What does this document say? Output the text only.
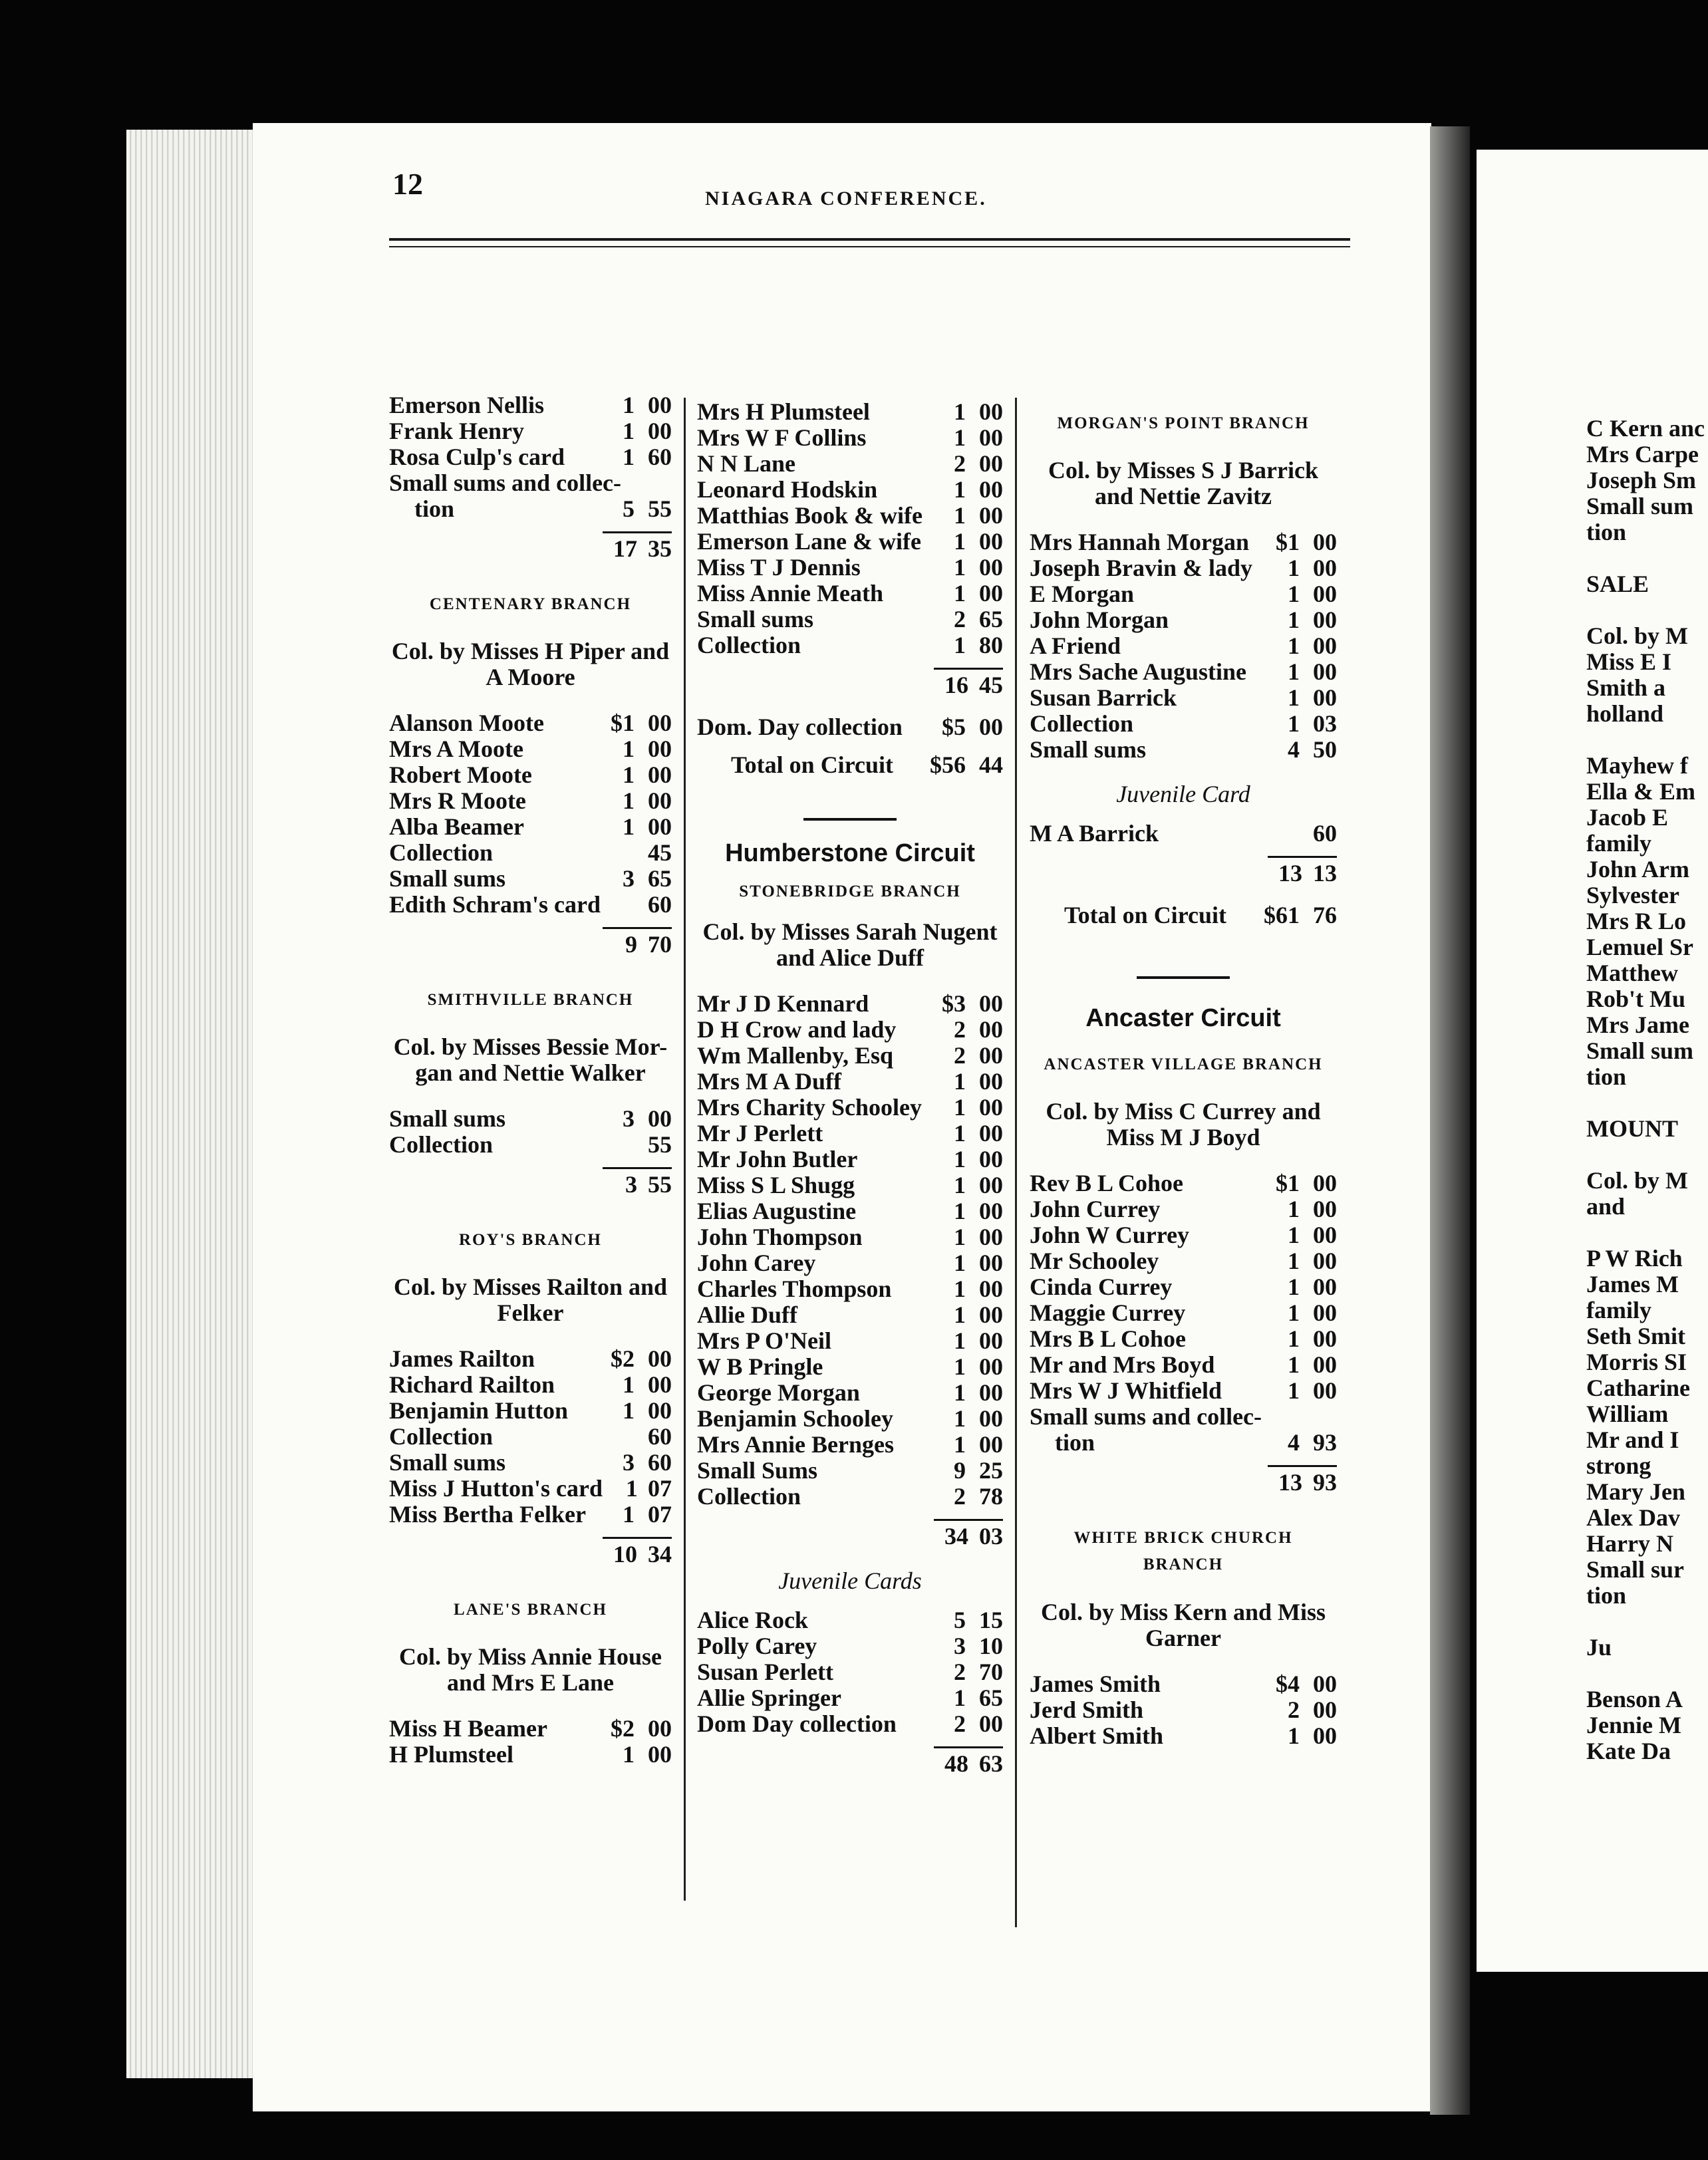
12	NIAGARA CONFERENCE.
Emerson Nellis	1 00
Frank Henry	1 00
Rosa Culp's card	1 60
Small sums and collec-
tion	5 55
17 35
CENTENARY BRANCH
Col. by Misses H Piper and
A Moore
Alanson Moote	$1 00
Mrs A Moote	1 00
Robert Moote	1 00
Mrs R Moote	1 00
Alba Beamer	1 00
Collection	45
Small sums	3 65
Edith Schram's card	60
9 70
SMITHVILLE BRANCH
Col. by Misses Bessie Mor-
gan and Nettie Walker
Small sums	3 00
Collection	55
3 55
ROY'S BRANCH
Col. by Misses Railton and
Felker
James Railton	$2 00
Richard Railton	1 00
Benjamin Hutton	1 00
Collection	60
Small sums	3 60
Miss J Hutton's card 1 07
Miss Bertha Felker	1 07
10 34
LANE'S BRANCH
Col. by Miss Annie House
and Mrs E Lane
Miss H Beamer	$2 00
H Plumsteel	1 00
Mrs H Plumsteel	1 00
Mrs W F Collins	1 00
N N Lane	2 00
Leonard Hodskin	1 00
Matthias Book & wife	1 00
Emerson Lane & wife	1 00
Miss T J Dennis	1 00
Miss Annie Meath	1 00
Small sums	2 65
Collection	1 80
16 45
Dom. Day collection	$5 00
Total on Circuit	$56 44
Humberstone Circuit
STONEBRIDGE BRANCH
Col. by Misses Sarah Nugent
and Alice Duff
Mr J D Kennard	$3 00
D H Crow and lady	2 00
Wm Mallenby, Esq	2 00
Mrs M A Duff	1 00
Mrs Charity Schooley	1 00
Mr J Perlett	1 00
Mr John Butler	1 00
Miss S L Shugg	1 00
Elias Augustine	1 00
John Thompson	1 00
John Carey	1 00
Charles Thompson	1 00
Allie Duff	1 00
Mrs P O'Neil	1 00
W B Pringle	1 00
George Morgan	1 00
Benjamin Schooley	1 00
Mrs Annie Bernges	1 00
Small Sums	9 25
Collection	2 78
34 03
Juvenile Cards
Alice Rock	5 15
Polly Carey	3 10
Susan Perlett	2 70
Allie Springer	1 65
Dom Day collection	2 00
48 63
MORGAN'S POINT BRANCH
Col. by Misses S J Barrick
and Nettie Zavitz
Mrs Hannah Morgan	$1 00
Joseph Bravin & lady	1 00
E Morgan	1 00
John Morgan	1 00
A Friend	1 00
Mrs Sache Augustine	1 00
Susan Barrick	1 00
Collection	1 03
Small sums	4 50
Juvenile Card
M A Barrick	60
13 13
Total on Circuit	$61 76
Ancaster Circuit
ANCASTER VILLAGE BRANCH
Col. by Miss C Currey and
Miss M J Boyd
Rev B L Cohoe	$1 00
John Currey	1 00
John W Currey	1 00
Mr Schooley	1 00
Cinda Currey	1 00
Maggie Currey	1 00
Mrs B L Cohoe	1 00
Mr and Mrs Boyd	1 00
Mrs W J Whitfield	1 00
Small sums and collec-
tion	4 93
13 93
WHITE BRICK CHURCH
BRANCH
Col. by Miss Kern and Miss
Garner
James Smith	$4 00
Jerd Smith	2 00
Albert Smith	1 00
C Kern anc
Mrs Carpe
Joseph Sm
Small sum
tion
SALE
Col. by M
Miss E I
Smith a
holland
Mayhew f
Ella & Em
Jacob E
family
John Arm
Sylvester
Mrs R Lo
Lemuel Sr
Matthew
Rob't Mu
Mrs Jame
Small sum
tion
MOUNT
Col. by M
and
P W Rich
James M
family
Seth Smit
Morris SI
Catharine
William
Mr and I
strong
Mary Jen
Alex Dav
Harry N
Small sur
tion
Ju
Benson A
Jennie M
Kate Da
